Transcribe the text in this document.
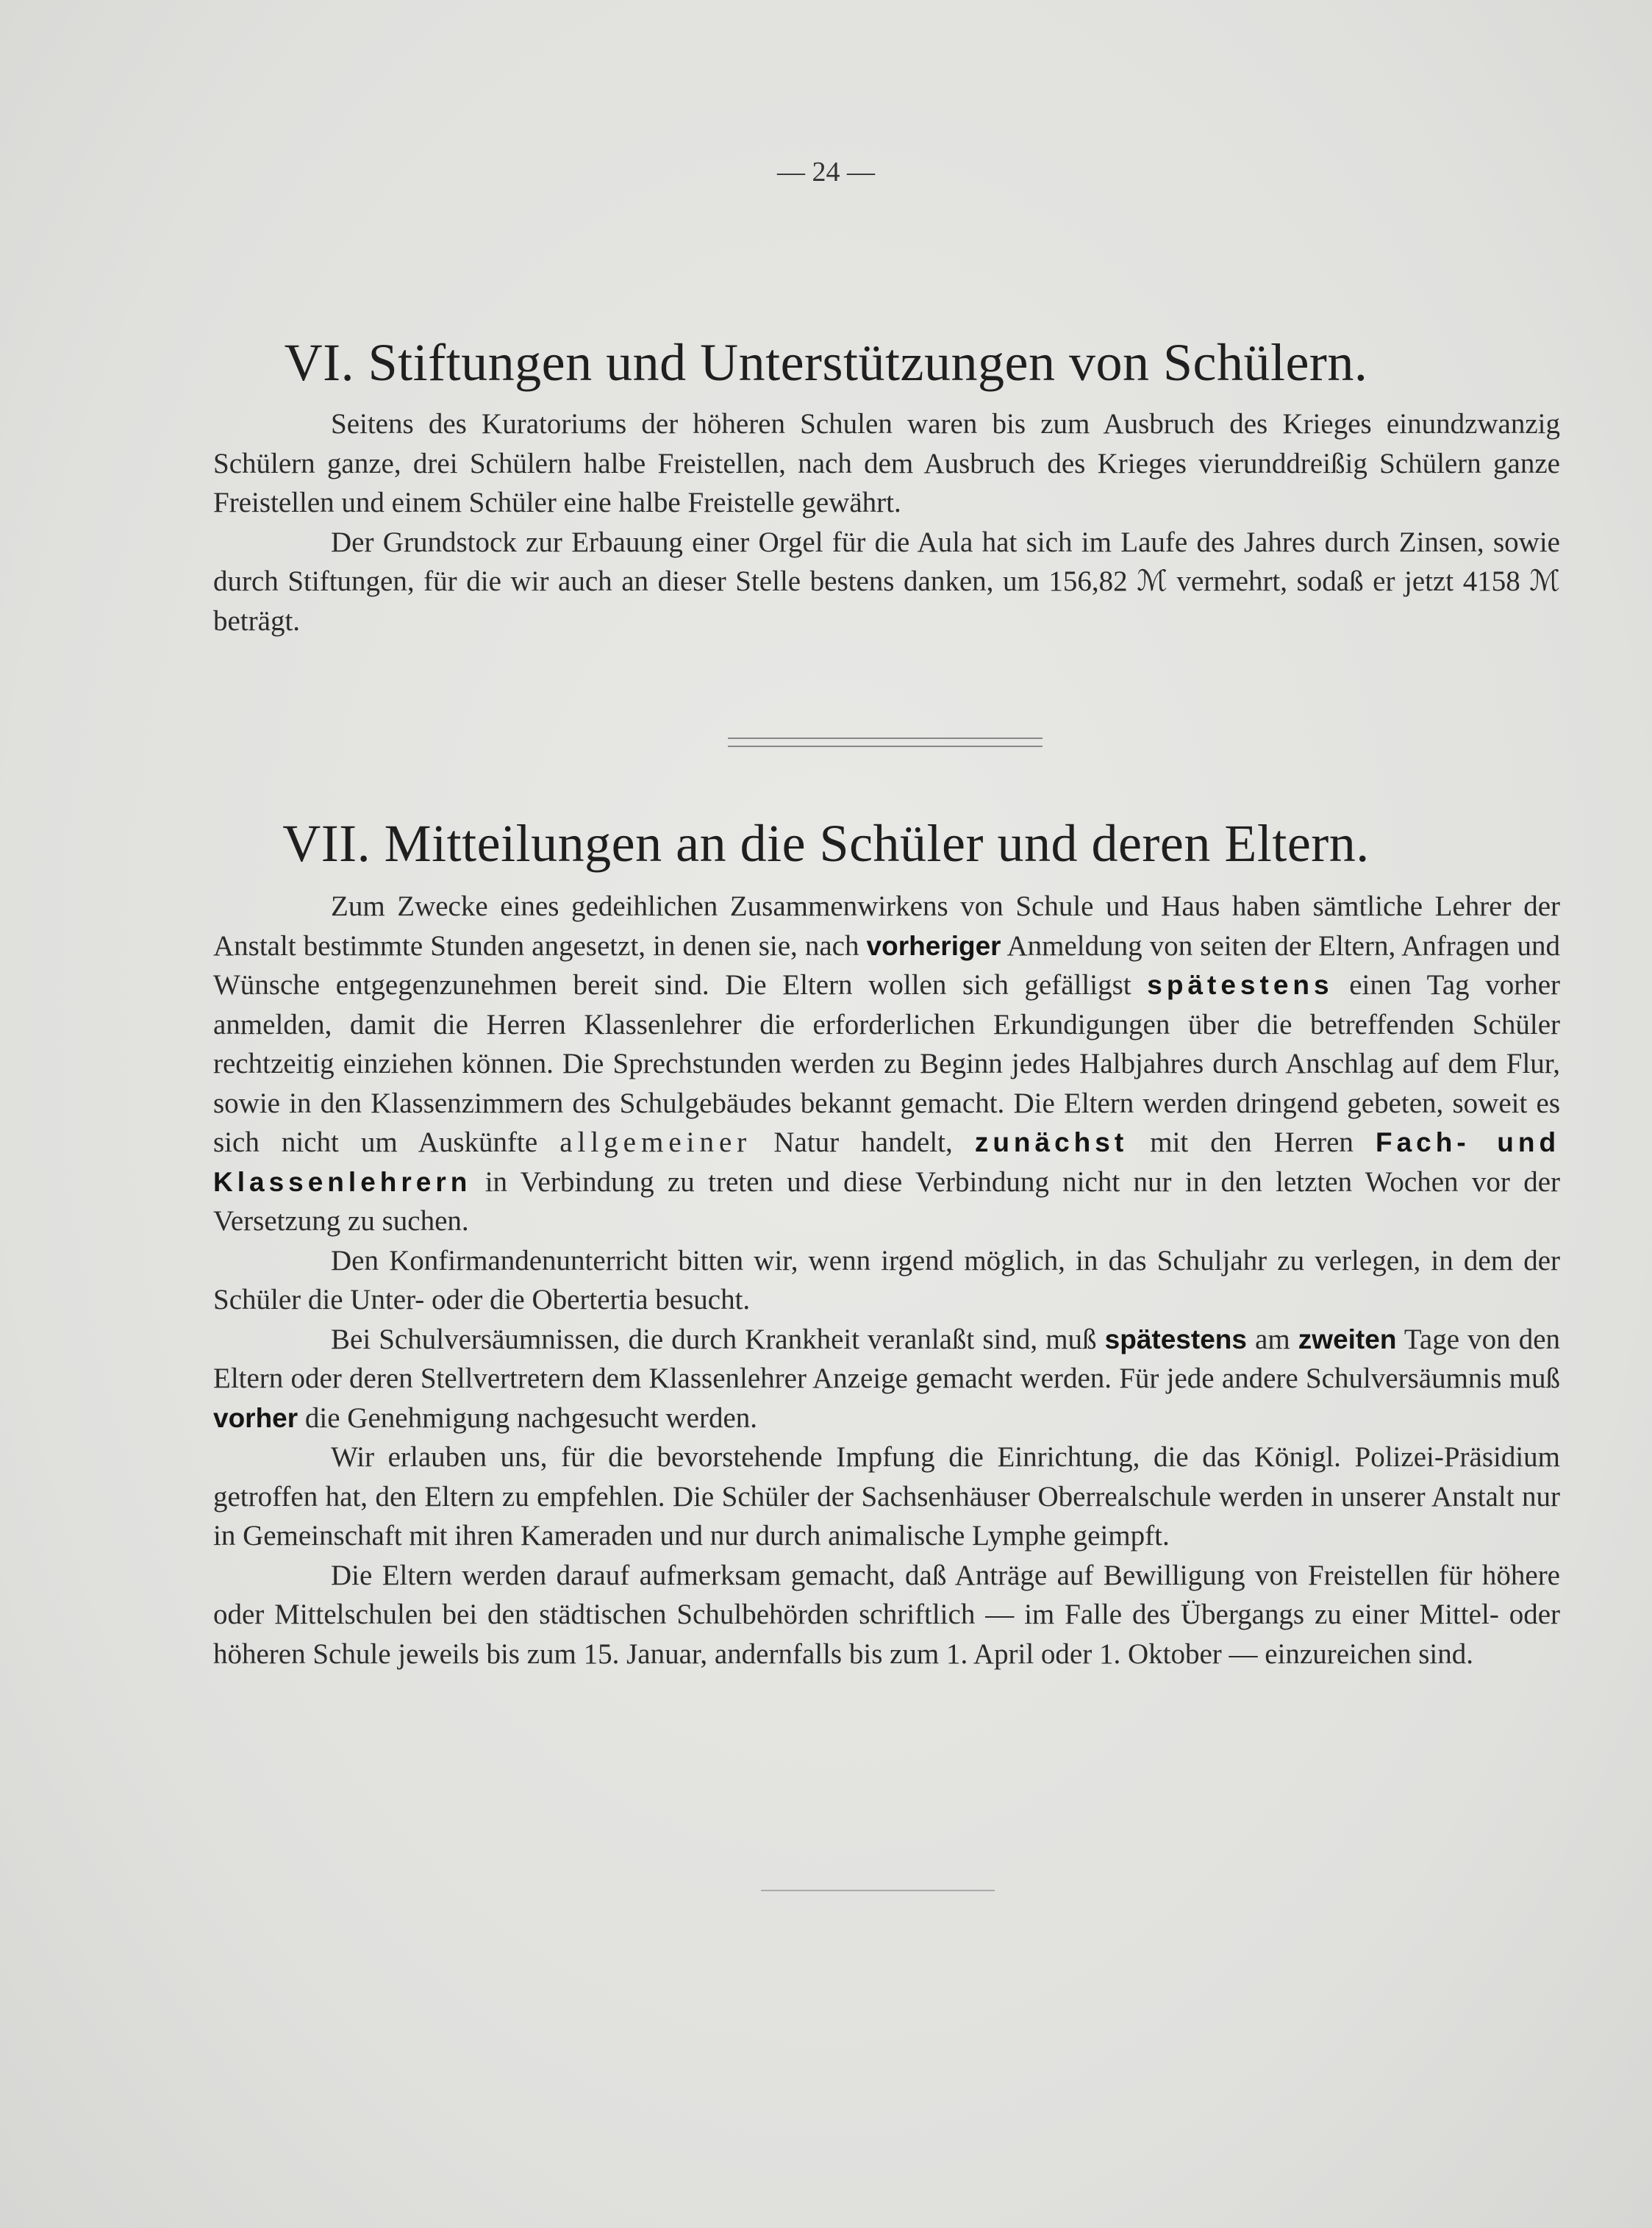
— 24 —
VI. Stiftungen und Unterstützungen von Schülern.

Seitens des Kuratoriums der höheren Schulen waren bis zum Ausbruch des Krieges einundzwanzig Schülern ganze, drei Schülern halbe Freistellen, nach dem Ausbruch des Krieges vierunddreißig Schülern ganze Freistellen und einem Schüler eine halbe Freistelle gewährt.

Der Grundstock zur Erbauung einer Orgel für die Aula hat sich im Laufe des Jahres durch Zinsen, sowie durch Stiftungen, für die wir auch an dieser Stelle bestens danken, um 156,82 ℳ vermehrt, sodaß er jetzt 4158 ℳ beträgt.

VII. Mitteilungen an die Schüler und deren Eltern.

Zum Zwecke eines gedeihlichen Zusammenwirkens von Schule und Haus haben sämtliche Lehrer der Anstalt bestimmte Stunden angesetzt, in denen sie, nach vorheriger Anmeldung von seiten der Eltern, Anfragen und Wünsche entgegenzunehmen bereit sind. Die Eltern wollen sich gefälligst spätestens einen Tag vorher anmelden, damit die Herren Klassenlehrer die erforderlichen Erkundigungen über die betreffenden Schüler rechtzeitig einziehen können. Die Sprechstunden werden zu Beginn jedes Halbjahres durch Anschlag auf dem Flur, sowie in den Klassenzimmern des Schulgebäudes bekannt gemacht. Die Eltern werden dringend gebeten, soweit es sich nicht um Auskünfte allgemeiner Natur handelt, zunächst mit den Herren Fach- und Klassenlehrern in Verbindung zu treten und diese Verbindung nicht nur in den letzten Wochen vor der Versetzung zu suchen.

Den Konfirmandenunterricht bitten wir, wenn irgend möglich, in das Schuljahr zu verlegen, in dem der Schüler die Unter- oder die Obertertia besucht.

Bei Schulversäumnissen, die durch Krankheit veranlaßt sind, muß spätestens am zweiten Tage von den Eltern oder deren Stellvertretern dem Klassenlehrer Anzeige gemacht werden. Für jede andere Schulversäumnis muß vorher die Genehmigung nachgesucht werden.

Wir erlauben uns, für die bevorstehende Impfung die Einrichtung, die das Königl. Polizei-Präsidium getroffen hat, den Eltern zu empfehlen. Die Schüler der Sachsenhäuser Oberrealschule werden in unserer Anstalt nur in Gemeinschaft mit ihren Kameraden und nur durch animalische Lymphe geimpft.

Die Eltern werden darauf aufmerksam gemacht, daß Anträge auf Bewilligung von Freistellen für höhere oder Mittelschulen bei den städtischen Schulbehörden schriftlich — im Falle des Übergangs zu einer Mittel- oder höheren Schule jeweils bis zum 15. Januar, andernfalls bis zum 1. April oder 1. Oktober — einzureichen sind.
